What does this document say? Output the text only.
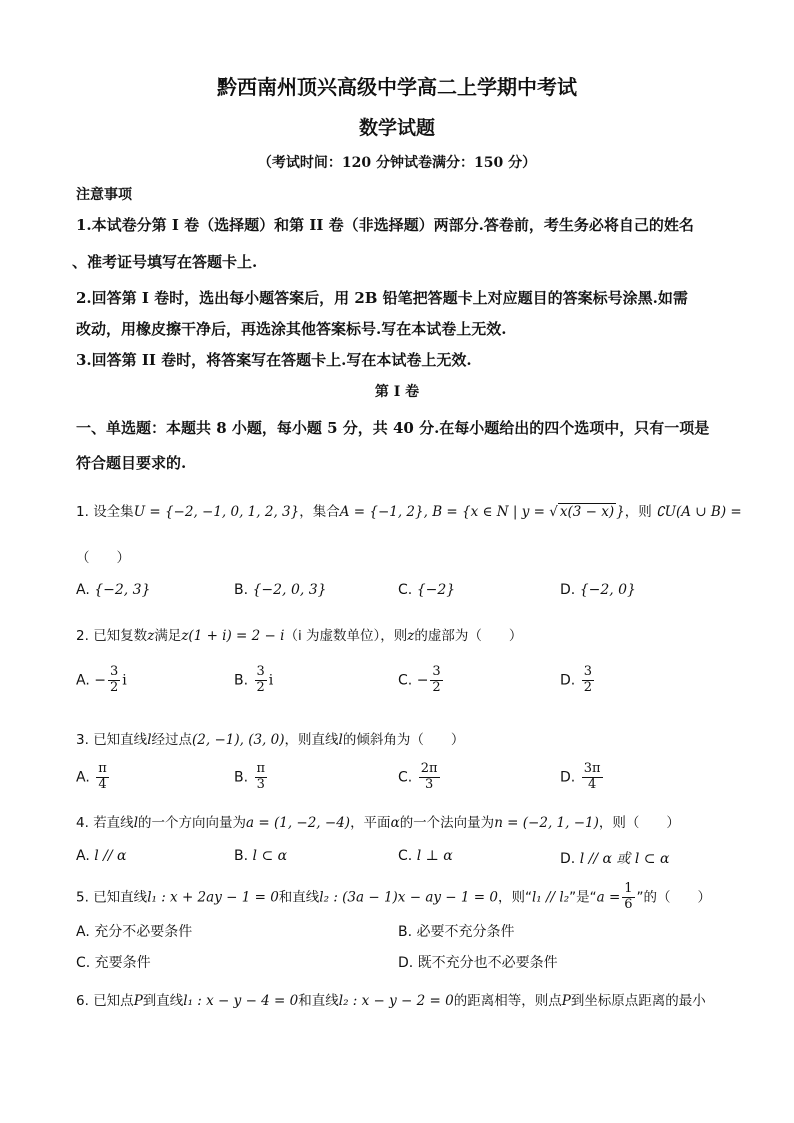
黔西南州顶兴高级中学高二上学期中考试
数学试题
（考试时间：120 分钟试卷满分：150 分）
注意事项
1.本试卷分第 I 卷（选择题）和第 II 卷（非选择题）两部分.答卷前，考生务必将自己的姓名
、准考证号填写在答题卡上.
2.回答第 I 卷时，选出每小题答案后，用 2B 铅笔把答题卡上对应题目的答案标号涂黑.如需
改动，用橡皮擦干净后，再选涂其他答案标号.写在本试卷上无效.
3.回答第 II 卷时，将答案写在答题卡上.写在本试卷上无效.
第 I 卷
一、单选题：本题共 8 小题，每小题 5 分，共 40 分.在每小题给出的四个选项中，只有一项是
符合题目要求的.
1. 设全集U = {−2, −1, 0, 1, 2, 3}，集合A = {−1, 2}, B = {x ∈ N | y = √ x(3 − x) }，则 ∁U(A ∪ B) =
（　　）
A. {−2, 3}	B. {−2, 0, 3}	C. {−2}	D. {−2, 0}
2. 已知复数z满足z(1 + i) = 2 − i（i 为虚数单位），则z的虚部为（　　）
A. − $\frac{3}{2}$ i	B. $\frac{3}{2}$ i	C. − $\frac{3}{2}$	D. $\frac{3}{2}$
3. 已知直线l经过点(2, −1), (3, 0)，则直线l的倾斜角为（　　）
A. $\frac{\pi}{4}$	B. $\frac{\pi}{3}$	C. $\frac{2\pi}{3}$	D. $\frac{3\pi}{4}$
4. 若直线l的一个方向向量为a = (1, −2, −4)，平面α的一个法向量为n = (−2, 1, −1)，则（　　）
A. l // α	B. l ⊂ α	C. l ⊥ α	D. l // α 或 l ⊂ α
5. 已知直线l₁ : x + 2ay − 1 = 0和直线l₂ : (3a − 1)x − ay − 1 = 0，则“l₁ // l₂”是“$a = \frac{1}{6}$ ”的（　　）
A. 充分不必要条件	B. 必要不充分条件
C. 充要条件	D. 既不充分也不必要条件
6. 已知点P到直线l₁ : x − y − 4 = 0和直线l₂ : x − y − 2 = 0的距离相等，则点P到坐标原点距离的最小
